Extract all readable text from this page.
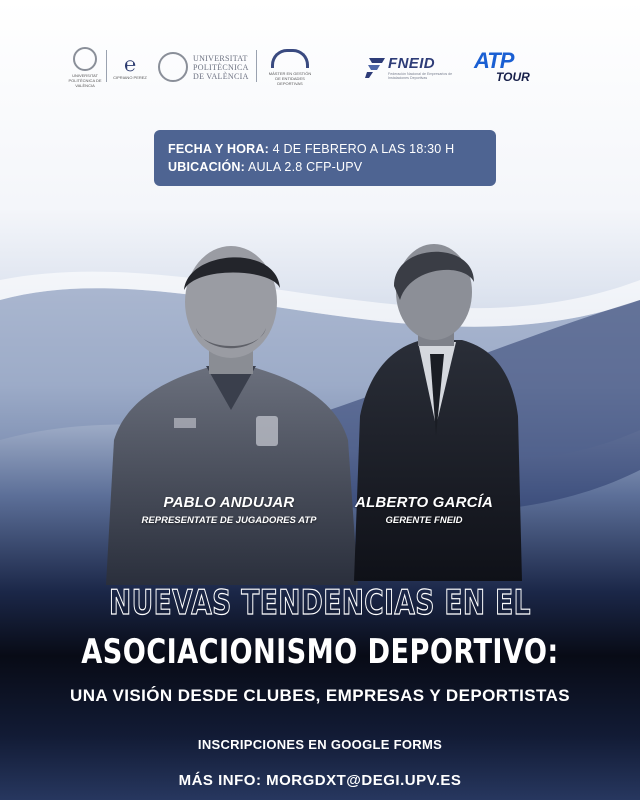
UNIVERSITAT POLITÈCNICA DE VALÈNCIA
℮
CIPRIANO PEREZ
UNIVERSITAT
POLITÈCNICA
DE VALÈNCIA	MÁSTER EN GESTIÓN DE ENTIDADES DEPORTIVAS
FNEID
Federación Nacional de Empresarios de Instalaciones Deportivas
ATP
TOUR
FECHA Y HORA: 4 DE FEBRERO A LAS 18:30 H
UBICACIÓN: AULA 2.8 CFP-UPV
PABLO ANDUJAR
REPRESENTATE DE JUGADORES ATP
ALBERTO GARCÍA
GERENTE FNEID
NUEVAS TENDENCIAS EN EL
ASOCIACIONISMO DEPORTIVO:
UNA VISIÓN DESDE CLUBES, EMPRESAS Y DEPORTISTAS
INSCRIPCIONES EN GOOGLE FORMS
MÁS INFO: MORGDXT@DEGI.UPV.ES
